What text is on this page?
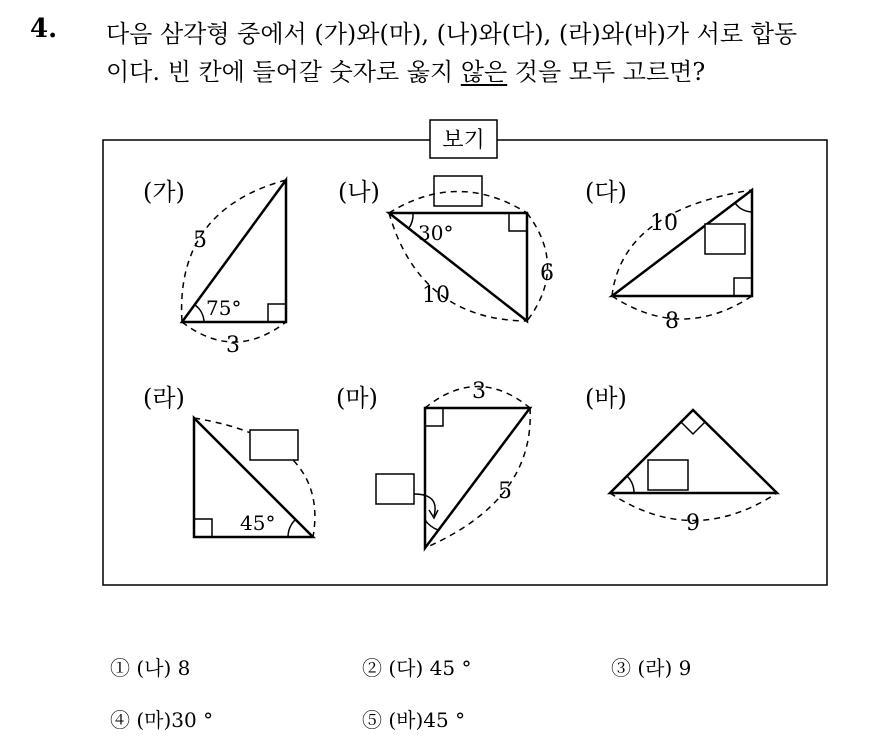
4. 다음 삼각형 중에서 (가)와(마), (나)와(다), (라)와(바)가 서로 합동
이다. 빈 칸에 들어갈 숫자로 옳지 않은 것을 모두 고르면?
보기
(가)
5
75°
3
(나)
30°
10
6
(다)
10
8
(라)
45°
(마)	3
5
(바)
9
① (나) 8	② (다) 45 °	③ (라) 9
④ (마)30 °	⑤ (바)45 °
